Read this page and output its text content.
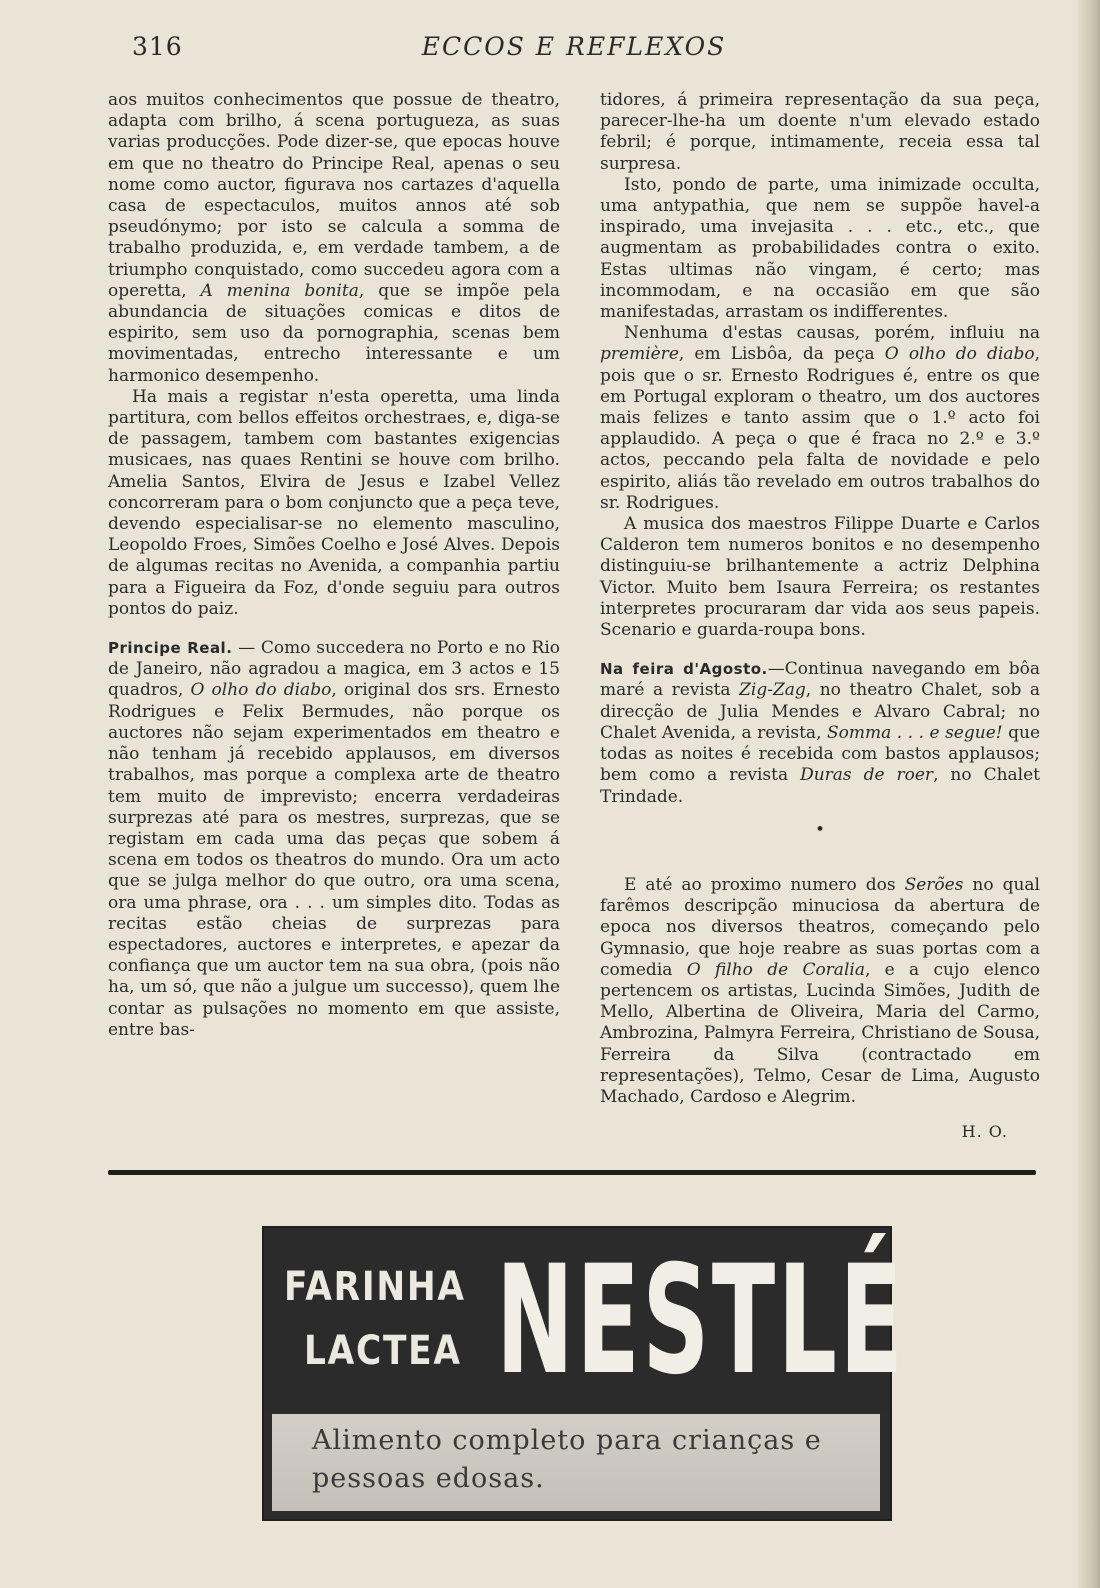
316	ECCOS E REFLEXOS

aos muitos conhecimentos que possue de theatro, adapta com brilho, á scena portugueza, as suas varias producções. Pode dizer-se, que epocas houve em que no theatro do Principe Real, apenas o seu nome como auctor, figurava nos cartazes d'aquella casa de espectaculos, muitos annos até sob pseudónymo; por isto se calcula a somma de trabalho produzida, e, em verdade tambem, a de triumpho conquistado, como succedeu agora com a operetta, A menina bonita, que se impõe pela abundancia de situações comicas e ditos de espirito, sem uso da pornographia, scenas bem movimentadas, entrecho interessante e um harmonico desempenho.

Ha mais a registar n'esta operetta, uma linda partitura, com bellos effeitos orchestraes, e, diga-se de passagem, tambem com bastantes exigencias musicaes, nas quaes Rentini se houve com brilho. Amelia Santos, Elvira de Jesus e Izabel Vellez concorreram para o bom conjuncto que a peça teve, devendo especialisar-se no elemento masculino, Leopoldo Froes, Simões Coelho e José Alves. Depois de algumas recitas no Avenida, a companhia partiu para a Figueira da Foz, d'onde seguiu para outros pontos do paiz.

Principe Real. — Como succedera no Porto e no Rio de Janeiro, não agradou a magica, em 3 actos e 15 quadros, O olho do diabo, original dos srs. Ernesto Rodrigues e Felix Bermudes, não porque os auctores não sejam experimentados em theatro e não tenham já recebido applausos, em diversos trabalhos, mas porque a complexa arte de theatro tem muito de imprevisto; encerra verdadeiras surprezas até para os mestres, surprezas, que se registam em cada uma das peças que sobem á scena em todos os theatros do mundo. Ora um acto que se julga melhor do que outro, ora uma scena, ora uma phrase, ora . . . um simples dito. Todas as recitas estão cheias de surprezas para espectadores, auctores e interpretes, e apezar da confiança que um auctor tem na sua obra, (pois não ha, um só, que não a julgue um successo), quem lhe contar as pulsações no momento em que assiste, entre bas-

tidores, á primeira representação da sua peça, parecer-lhe-ha um doente n'um elevado estado febril; é porque, intimamente, receia essa tal surpresa.

Isto, pondo de parte, uma inimizade occulta, uma antypathia, que nem se suppõe havel-a inspirado, uma invejasita . . . etc., etc., que augmentam as probabilidades contra o exito. Estas ultimas não vingam, é certo; mas incommodam, e na occasião em que são manifestadas, arrastam os indifferentes.

Nenhuma d'estas causas, porém, influiu na première, em Lisbôa, da peça O olho do diabo, pois que o sr. Ernesto Rodrigues é, entre os que em Portugal exploram o theatro, um dos auctores mais felizes e tanto assim que o 1.º acto foi applaudido. A peça o que é fraca no 2.º e 3.º actos, peccando pela falta de novidade e pelo espirito, aliás tão revelado em outros trabalhos do sr. Rodrigues.

A musica dos maestros Filippe Duarte e Carlos Calderon tem numeros bonitos e no desempenho distinguiu-se brilhantemente a actriz Delphina Victor. Muito bem Isaura Ferreira; os restantes interpretes procuraram dar vida aos seus papeis. Scenario e guarda-roupa bons.

Na feira d'Agosto.—Continua navegando em bôa maré a revista Zig-Zag, no theatro Chalet, sob a direcção de Julia Mendes e Alvaro Cabral; no Chalet Avenida, a revista, Somma . . . e segue! que todas as noites é recebida com bastos applausos; bem como a revista Duras de roer, no Chalet Trindade.

•

E até ao proximo numero dos Serões no qual farêmos descripção minuciosa da abertura de epoca nos diversos theatros, começando pelo Gymnasio, que hoje reabre as suas portas com a comedia O filho de Coralia, e a cujo elenco pertencem os artistas, Lucinda Simões, Judith de Mello, Albertina de Oliveira, Maria del Carmo, Ambrozina, Palmyra Ferreira, Christiano de Sousa, Ferreira da Silva (contractado em representações), Telmo, Cesar de Lima, Augusto Machado, Cardoso e Alegrim.

H. O.
FARINHA
LACTEA NESTLÉ
Alimento completo para crianças e pessoas edosas.
